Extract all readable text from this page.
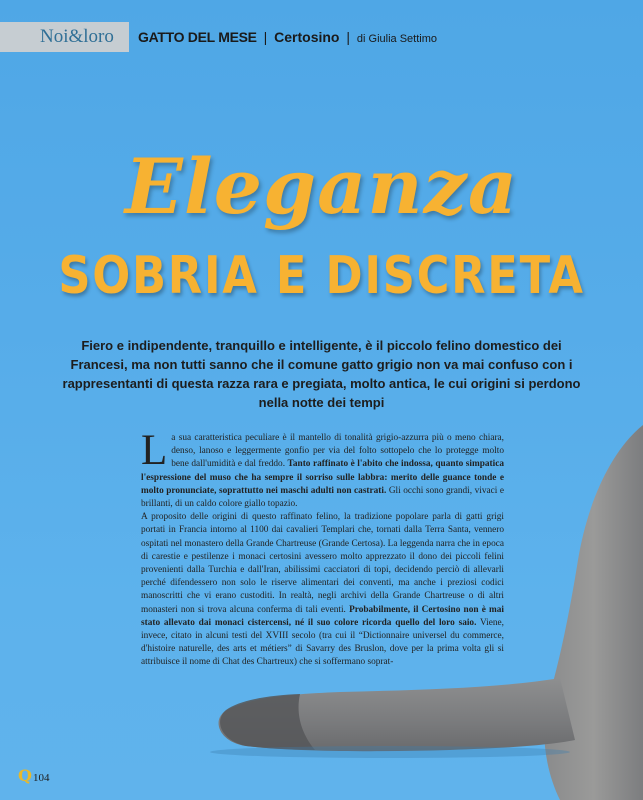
Noi&loro	GATTO DEL MESE | Certosino | di Giulia Settimo
Eleganza
SOBRIA E DISCRETA
Fiero e indipendente, tranquillo e intelligente, è il piccolo felino domestico dei Francesi, ma non tutti sanno che il comune gatto grigio non va mai confuso con i rappresentanti di questa razza rara e pregiata, molto antica, le cui origini si perdono nella notte dei tempi
L a sua caratteristica peculiare è il mantello di tonalità grigio-azzurra più o meno chiara, denso, lanoso e leggermente gonfio per via del folto sottopelo che lo protegge molto bene dall'umidità e dal freddo. Tanto raffinato è l'abito che indossa, quanto simpatica l'espressione del muso che ha sempre il sorriso sulle labbra: merito delle guance tonde e molto pronunciate, soprattutto nei maschi adulti non castrati. Gli occhi sono grandi, vivaci e brillanti, di un caldo colore giallo topazio.
A proposito delle origini di questo raffinato felino, la tradizione popolare parla di gatti grigi portati in Francia intorno al 1100 dai cavalieri Templari che, tornati dalla Terra Santa, vennero ospitati nel monastero della Grande Chartreuse (Grande Certosa). La leggenda narra che in epoca di carestie e pestilenze i monaci certosini avessero molto apprezzato il dono dei piccoli felini provenienti dalla Turchia e dall'Iran, abilissimi cacciatori di topi, decidendo perciò di allevarli perché difendessero non solo le riserve alimentari dei conventi, ma anche i preziosi codici manoscritti che vi erano custoditi. In realtà, negli archivi della Grande Chartreuse o di altri monasteri non si trova alcuna conferma di tali eventi. Probabilmente, il Certosino non è mai stato allevato dai monaci cistercensi, né il suo colore ricorda quello del loro saio. Viene, invece, citato in alcuni testi del XVIII secolo (tra cui il “Dictionnaire universel du commerce, d'histoire naturelle, des arts et métiers” di Savarry des Bruslon, dove per la prima volta gli si attribuisce il nome di Chat des Chartreux) che si soffermano soprat-
Q104
